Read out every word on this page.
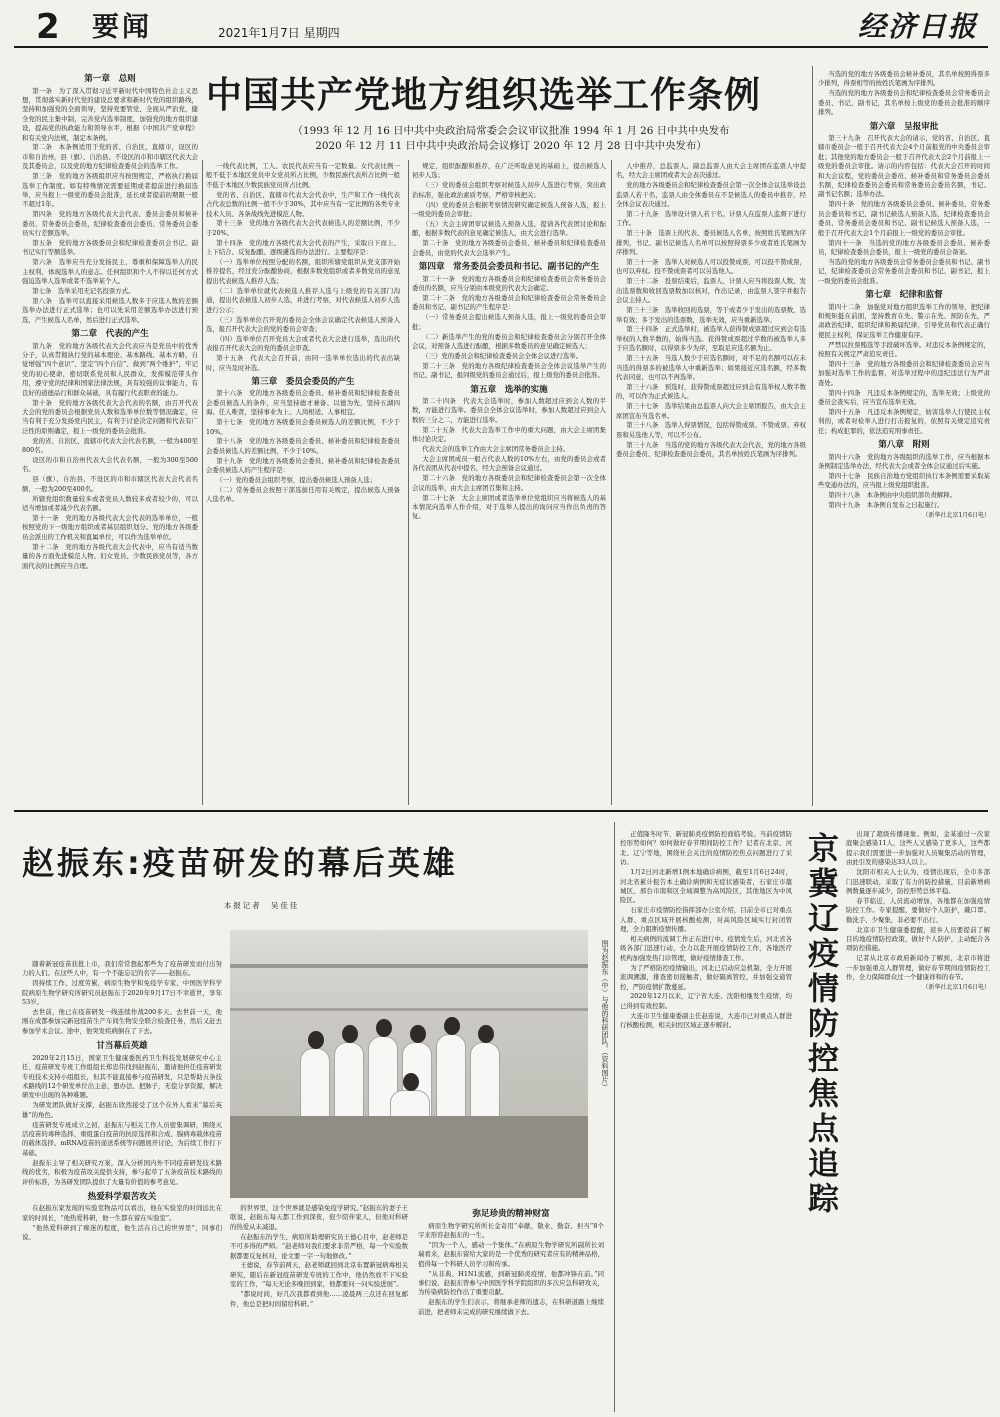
2 要闻	2021年1月7日 星期四	经济日报
中国共产党地方组织选举工作条例
（1993 年 12 月 16 日中共中央政治局常委会会议审议批准 1994 年 1 月 26 日中共中央发布
2020 年 12 月 11 日中共中央政治局会议修订 2020 年 12 月 28 日中共中央发布）

第一章　总则

第一条　为了深入贯彻习近平新时代中国特色社会主义思想，贯彻落实新时代党的建设总要求和新时代党的组织路线，坚持和加强党的全面领导，坚持党要管党、全面从严治党，健全党的民主集中制，完善党内选举制度，加强党的地方组织建设，提高党的执政能力和领导水平，根据《中国共产党章程》和有关党内法规，制定本条例。

第二条　本条例适用于党的省、自治区、直辖市，设区的市和自治州，县（旗）、自治县、不设区的市和市辖区代表大会及其委员会，以及党的地方纪律检查委员会的选举工作。

第三条　党的地方各级组织应当按照规定，严格执行换届选举工作制度。如有特殊情况需要延期或者提前进行换届选举，应当报上一级党的委员会批准，延长或者提前的期限一般不超过1年。

第四条　党的地方各级代表大会代表、委员会委员和候补委员、常务委员会委员，纪律检查委员会委员、常务委员会委员实行差额选举。

第五条　党的地方各级委员会和纪律检查委员会书记、副书记实行等额选举。

第六条　选举应当充分发扬民主，尊重和保障选举人的民主权利，体现选举人的意志。任何组织和个人不得以任何方式强迫选举人选举或者不选举某个人。

第七条　选举采用无记名投票方式。

第八条　选举可以直接采用候选人数多于应选人数的差额选举办法进行正式选举；也可以先采用差额选举办法进行预选，产生候选人名单，然后进行正式选举。

第二章　代表的产生

第九条　党的地方各级代表大会代表应当是党员中的优秀分子，认真贯彻执行党的基本理论、基本路线、基本方略，自觉增强“四个意识”、坚定“四个自信”、做到“两个维护”，牢记党的初心使命，密切联系党员和人民群众，发挥模范带头作用，遵守党的纪律和国家法律法规，具有较强的议事能力，有良好的道德品行和群众基础，具有履行代表职责的能力。

第十条　党的地方各级代表大会代表的名额，由召开代表大会的党的委员会根据党员人数和选举单位数等情况确定，应当有利于充分发扬党内民主，有利于讨论决定问题和代表有广泛性的原则确定，报上一级党的委员会批准。

党的省、自治区、直辖市代表大会代表名额，一般为400至800名。

设区的市和自治州代表大会代表名额，一般为300至500名。

县（旗）、自治县、不设区的市和市辖区代表大会代表名额，一般为200至400名。

所辖党组织数量较多或者党员人数较多或者较少的，可以适当增加或者减少代表名额。

第十一条　党的地方各级代表大会代表的选举单位，一般按照党的下一级地方组织或者基层组织划分。党的地方各级委员会派出的工作机关和直属单位，可以作为选举单位。

第十二条　党的地方各级代表大会代表中，应当有适当数量的各方面先进模范人物、妇女党员、少数民族党员等，各方面代表的比例应当合理。

一线代表比例，工人、农民代表应当有一定数量。女代表比例一般不低于本地区党员中女党员所占比例，少数民族代表所占比例一般不低于本地区少数民族党员所占比例。

党的省、自治区、直辖市代表大会代表中，生产和工作一线代表占代表总数的比例一般不少于30%，其中应当有一定比例的各类专业技术人员、各条战线先进模范人物。

第十三条　党的地方各级代表大会代表候选人的差额比例，不少于20%。

第十四条　党的地方各级代表大会代表的产生，采取自下而上、上下结合、反复酝酿、逐级遴选的办法进行。主要程序是：

（一）选举单位按照分配的名额，组织所辖党组织从党支部开始推荐提名，经过充分酝酿协商，根据多数党组织或者多数党员的意见提出代表候选人推荐人选；

（二）选举单位就代表候选人推荐人选与上级党的有关部门沟通，提出代表候选人初步人选，并进行考察，对代表候选人初步人选进行公示；

（三）选举单位召开党的委员会全体会议确定代表候选人预备人选，报召开代表大会的党的委员会审查；

（四）选举单位召开党员大会或者代表大会进行选举，选出的代表报召开代表大会的党的委员会审查。

第十五条　代表大会召开前，由同一选举单位选出的代表出缺时，应当及时补选。

第三章　委员会委员的产生

第十六条　党的地方各级委员会委员、候补委员和纪律检查委员会委员候选人的条件，应当坚持德才兼备、以德为先，坚持五湖四海、任人唯贤，坚持事业为上、人岗相适、人事相宜。

第十七条　党的地方各级委员会委员候选人的差额比例，不少于10%。

第十八条　党的地方各级委员会委员、候补委员和纪律检查委员会委员候选人的差额比例，不少于10%。

第十九条　党的地方各级委员会委员、候补委员和纪律检查委员会委员候选人的产生程序是：

（一）党的委员会组织考察，提出委员候选人预备人选；

（二）常务委员会按照干部选拔任用有关规定，提出候选人预备人选名单。

规定，组织酝酿和推荐，在广泛听取意见的基础上，提出候选人初步人选；

（三）党的委员会组织考察对候选人初步人选进行考察，突出政治标准，强化政治素质考察，严格审核把关；

（四）党的委员会根据考察情况研究确定候选人预备人选，报上一级党的委员会审批；

（五）大会主席团审议候选人预备人选，提请各代表团讨论和酝酿，根据多数代表的意见确定候选人，由大会进行选举。

第二十条　党的地方各级委员会委员、候补委员和纪律检查委员会委员，由党的代表大会选举产生。

第四章　常务委员会委员和书记、副书记的产生

第二十一条　党的地方各级委员会和纪律检查委员会常务委员会委员的名额，应当分别由本级党的代表大会确定。

第二十二条　党的地方各级委员会和纪律检查委员会常务委员会委员和书记、副书记的产生程序是：

（一）常务委员会提出候选人预备人选，报上一级党的委员会审批；

（二）新选举产生的党的委员会和纪律检查委员会分别召开全体会议，对预备人选进行酝酿，根据多数委员的意见确定候选人；

（三）党的委员会和纪律检查委员会全体会议进行选举。

第二十三条　党的地方各级纪律检查委员会全体会议选举产生的书记、副书记，报同级党的委员会通过后，报上级党的委员会批准。

第五章　选举的实施

第二十四条　代表大会选举时，参加人数超过应到会人数的半数，方能进行选举。委员会全体会议选举时，参加人数超过应到会人数的三分之二，方能进行选举。

第二十五条　代表大会选举工作中的重大问题，由大会主席团集体讨论决定。

代表大会的选举工作由大会主席团常务委员会主持。

大会主席团成员一般占代表人数的10%左右，由党的委员会或者各代表团从代表中提名，经大会预备会议通过。

第二十六条　党的地方各级委员会和纪律检查委员会第一次全体会议的选举，由大会主席团召集和主持。

第二十七条　大会主席团或者选举单位党组织应当将候选人的基本情况向选举人作介绍，对于选举人提出的询问应当作出负责的答复。

人中推荐，总监票人、副总监票人由大会主席团在监票人中提名，经大会主席团或者大会表决通过。

党的地方各级委员会和纪律检查委员会第一次全体会议选举设总监票人若干名，监票人由全体委员在不是候选人的委员中推荐，经全体会议表决通过。

第二十九条　选举设计票人若干名。计票人在监票人监督下进行工作。

第三十条　选票上的代表、委员候选人名单，按照姓氏笔画为序排列，书记、副书记候选人名单可以按照得票多少或者姓氏笔画为序排列。

第三十一条　选举人对候选人可以投赞成票，可以投不赞成票，也可以弃权。投不赞成票者可以另选他人。

第三十二条　投票结束后，监票人、计票人应当将投票人数、发出选票数和收回选票数加以核对，作出记录，由监票人签字并报告会议主持人。

第三十三条　选举收回的选票，等于或者少于发出的选票数，选举有效；多于发出的选票数，选举无效，应当重新选举。

第三十四条　正式选举时，被选举人获得赞成票超过应到会有选举权的人数半数的，始得当选。获得赞成票超过半数的被选举人多于应选名额时，以得票多少为序，至取足应选名额为止。

第三十五条　当选人数少于应选名额时，对不足的名额可以在未当选的得票多的被选举人中重新选举；如果接近应选名额，经多数代表同意，也可以不再选举。

第三十六条　预选时，获得赞成票超过应到会有选举权人数半数的，可以作为正式候选人。

第三十七条　选举结果由总监票人向大会主席团报告，由大会主席团宣布当选名单。

第三十八条　选举人得票情况，包括得赞成票、不赞成票、弃权票和另选他人等，可以不公布。

第三十九条　当选的党的地方各级代表大会代表，党的地方各级委员会委员、纪律检查委员会委员，其名单按姓氏笔画为序排列。

当选的党的地方各级委员会候补委员，其名单按照得票多少排列，得票相等的按姓氏笔画为序排列。

当选的党的地方各级委员会和纪律检查委员会常务委员会委员、书记、副书记，其名单按上级党的委员会批准的顺序排列。

第六章　呈报审批

第三十九条　召开代表大会的请示，党的省、自治区、直辖市委员会一般于召开代表大会4个月前报党的中央委员会审批；其他党的地方委员会一般于召开代表大会2个月前报上一级党的委员会审批。请示的内容包括：代表大会召开的时间和大会议程，党的委员会委员、候补委员和常务委员会委员名额，纪律检查委员会委员和常务委员会委员名额，书记、副书记名额；选举办法。

第四十条　党的地方各级委员会委员、候补委员、常务委员会委员和书记、副书记候选人预备人选，纪律检查委员会委员、常务委员会委员和书记、副书记候选人预备人选，一般于召开代表大会1个月前报上一级党的委员会审批。

第四十一条　当选的党的地方各级委员会委员、候补委员，纪律检查委员会委员，报上一级党的委员会备案。

当选的党的地方各级委员会常务委员会委员和书记、副书记，纪律检查委员会常务委员会委员和书记、副书记，报上一级党的委员会批准。

第七章　纪律和监督

第四十二条　加强党对地方组织选举工作的领导，把纪律和规矩挺在前面，坚持教育在先、警示在先、预防在先，严肃政治纪律、组织纪律和换届纪律，引导党员和代表正确行使民主权利，保证选举工作健康有序。

严禁以拉票贿选等手段破坏选举。对违反本条例规定的，按照有关规定严肃追究责任。

第四十三条　党的地方各级委员会和纪律检查委员会应当加强对选举工作的监督，对选举过程中的违纪违法行为严肃查处。

第四十四条　凡违反本条例规定的，选举无效；上级党的委员会查实后，应当宣布选举无效。

第四十五条　凡违反本条例规定，妨害选举人行使民主权利的，或者对检举人进行打击报复的，依照有关规定追究责任；构成犯罪的，依法追究刑事责任。

第八章　附则

第四十六条　党的地方各级组织的选举工作，应当根据本条例制定选举办法，经代表大会或者全体会议通过后实施。

第四十七条　民族自治地方党组织执行本条例需要采取某些变通办法的，应当报上级党组织批准。

第四十八条　本条例由中央组织部负责解释。

第四十九条　本条例自发布之日起施行。

（新华社北京1月6日电）

赵振东:疫苗研发的幕后英雄
本报记者　吴佳佳
图为赵振东（中）与他的科研团队。（资料图片）

随着新冠疫苗获批上市，我们常常想起那些为了疫苗研发而付出努力的人们。在这些人中，有一个不能忘记的名字——赵振东。

因持续工作、过度劳累，病原生物学和免疫学专家、中国医学科学院病原生物学研究所研究员赵振东于2020年9月17日不幸逝世，享年53岁。

去世前，他已在疫苗研发一线连续作战200多天。去世前一天，他刚在成都参加完新冠疫苗生产车间生物安全联合检查任务，然后又赶去参加学术会议。途中，他突发疾病倒在了下去。

甘当幕后英雄

2020年2月15日，国家卫生健康委医药卫生科技发展研究中心主任、疫苗研发专班工作组组长郑忠伟找到赵振东，邀请他担任疫苗研发专班技术支持小组组长，但其不能直接参与疫苗研发，只是帮助五条技术路线的12个研发单位出主意、想办法、把脉子，无偿分享资源，解决研发中出现的各种难题。

为研发团队做好支撑，赵振东欣然接受了这个在外人看来“幕后英雄”的角色。

疫苗研发专班成立之初，赵振东与相关工作人员密集调研，围绕灭活疫苗的毒种选择、重组蛋白疫苗的抗原选择和合成、腺病毒载体疫苗的载体选择、mRNA疫苗的递送系统等问题展开讨论，为后续工作打下基础。

赵振东主导了相关研究方案，深入分析国内外不同疫苗研发技术路线的优劣，积极为疫苗攻关提供支持，参与起草了五条疫苗技术路线的评价标准，为各研发团队提供了大量有价值的参考意见。

热爱科学艰苦攻关

在赵振东家发现的实验室物品可以看出，他在实验室的时间远比在家的时间长，“他热爱科研，他一生都在留在实验室”。

“他热爱科研到了痴迷的程度，他生活在自己的世界里”，同事们说。

的世界里，这个世界就是感染免疫学研究。”赵振东的妻子王联说，赵振东每天都工作到深夜，很少陪伴家人，但他对科研的热爱从未减退。

在赵振东的学生、病原所助理研究员王德心目中，赵老师是不可多得的严师。“赵老师对我们要求非常严格，每一个实验数据都要反复核对，论文要一字一句地修改。”

王德说，春节前两天，赵老师就回到北京布置新冠病毒相关研究，随后在新冠疫苗研发专班的工作中，他仍然放不下实验室的工作，“每天无论多晚回到家，他都要问一问实验进展”。

“都说时间，好几次我都看到他……凌晨两三点还在回复邮件，他总是把时间留给科研。”

弥足珍贵的精神财富

病原生物学研究所所长金奇用“奉献、敬业、勤奋、担当”8个字来形容赵振东的一生。

“因为一个人，感动一个集体。”在病原生物学研究所副所长刘瑞看来，赵振东留给大家的是一个优秀的研究者应有的精神品格，值得每一个科研人员学习和传承。

“从非典、H1N1流感，到新冠肺炎疫情，他都冲锋在前。”同事们说，赵振东曾参与中国医学科学院组织的多次应急科研攻关，为传染病防控作出了重要贡献。

赵振东的学生们表示，将继承老师的遗志，在科研道路上继续前进，把老师未完成的研究继续做下去。

正值隆冬时节，新冠肺炎疫情防控面临考验。当前疫情防控形势如何？如何做好春节期间防控工作？记者在北京、河北、辽宁等地，围绕社会关注的疫情防控焦点问题进行了采访。

1月2日河北新增1例本地确诊病例，截至1月6日24时，河北省累计报告本土确诊病例和无症状感染者，石家庄市藁城区、邢台市南和区全域调整为高风险区，其他地区为中风险区。

石家庄市疫情防控指挥部办公室介绍，目前全市已对重点人群、重点区域开展核酸检测，对高风险区域实行封闭管理，全力阻断疫情传播。

相关病例的流调工作正在进行中。疫情发生后，河北省各级各部门迅速行动，全力以赴开展疫情防控工作，各地医疗机构加强发热门诊管理，做好疫情排查工作。

为了严格防控疫情输出，河北已启动应急机制，全力开展流调溯源，排查密切接触者，做好隔离管控，并加强交通管控，严防疫情扩散蔓延。

2020年12月以来，辽宁省大连、沈阳相继发生疫情，均已得到有效控制。

大连市卫生健康委副主任赵连说，大连市已对重点人群进行核酸检测，相关封控区域正逐步解封。	京冀辽疫情防控焦点追踪	出现了超级传播现象。例如，金某通过一次家庭聚会感染11人，这些人又感染了更多人，这些都提示我们需要进一步加强对人员聚集活动的管理，由此引发的感染达33人以上。

沈阳市相关人士认为，疫情出现后，全市多部门迅速联动，采取了有力的防控措施，目前新增病例数量逐步减少，防控形势总体平稳。

春节临近，人员流动增加，各地都在加强疫情防控工作。专家提醒，要做好个人防护，戴口罩、勤洗手、少聚集，非必要不出行。

北京市卫生健康委提醒，返乡人员要提前了解目的地疫情防控政策，做好个人防护，主动配合各项防控措施。

记者从北京市政府新闻办了解到，北京市将进一步加强重点人群管理，做好春节期间疫情防控工作，全力保障群众过一个健康祥和的春节。

（新华社北京1月6日电）
